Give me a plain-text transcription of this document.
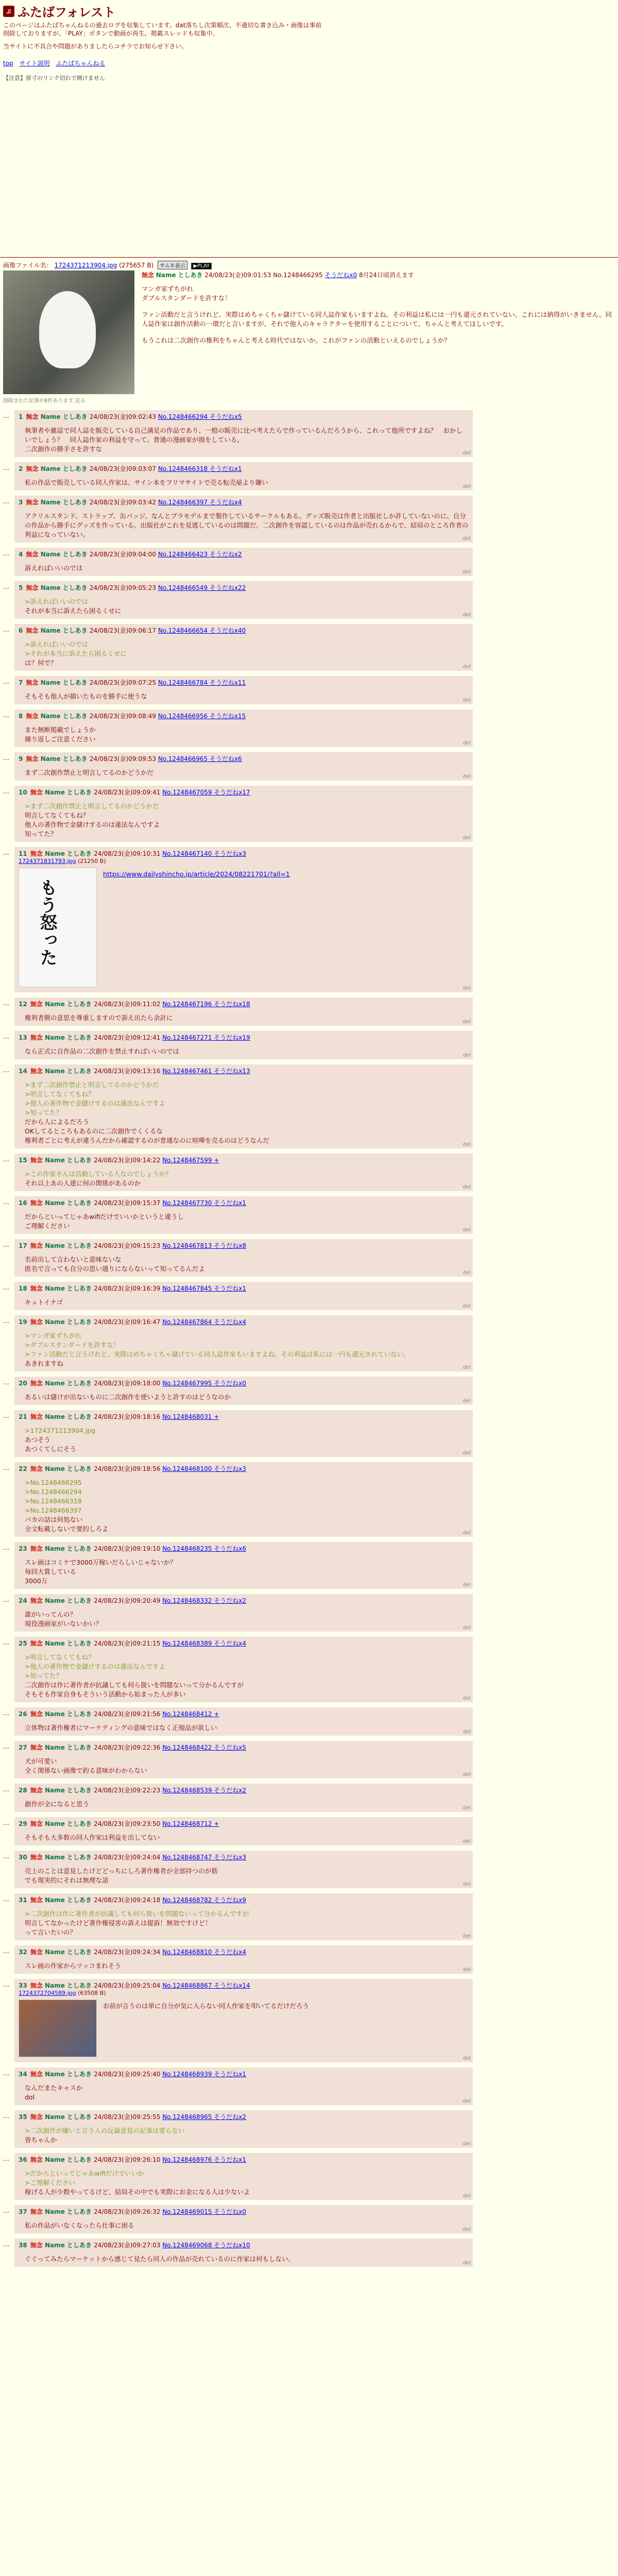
ぷ ふたばフォレスト
このページはふたばちゃんねるの過去ログを収集しています。dat落ちし次第順次、不適切な書き込み・画像は事前削除しておりますが、「PLAY」ボタンで動画が再生。掲載スレッドも収集中。
当サイトに不具合や問題がありましたらコチラでお知らせ下さい。
top サイト説明 ふたばちゃんねる
【注意】原寸のリンク切れで開けません
画像ファイル名： 1724371213904.jpg (275657 B) サムネ表示 ▶PLAY
無念 Name としあき 24/08/23(金)09:01:53 No.1248466295 そうだねx0 8月24日頃消えます

マンガ家ずちがれ
ダブルスタンダードを許すな！

ファン活動だと言うけれど、実際はめちゃくちゃ儲けている同人誌作家もいますよね。その利益は私には一円も還元されていない。これには納得がいきません。同人誌作家は創作活動の一環だと言いますが、それで他人のキャラクターを使用することについて、ちゃんと考えてほしいです。

もうこれは二次創作の権利をちゃんと考える時代ではないか。これがファンの活動といえるのでしょうか？

削除された記事が8件あります.見る
…	1 無念 Name としあき 24/08/23(金)09:02:43 No.1248466294 そうだねx5
執筆者や雑誌で同人誌を販売している自己満足の作品であり、一般の販売に比べ考えたらで作っているんだろうから、これって他所ですよね？　おかしいでしょう？　同人誌作家の利益を守って、普通の漫画家が損をしている。
二次創作の勝手さを許すな
del
…	2 無念 Name としあき 24/08/23(金)09:03:07 No.1248466318 そうだねx1
私の作品で販売している同人作家は、サイン本をフリマサイトで売る転売屋より嫌い
del
…	3 無念 Name としあき 24/08/23(金)09:03:42 No.1248466397 そうだねx4
アクリルスタンド、ストラップ、缶バッジ、なんとプラモデルまで製作しているサークルもある。グッズ販売は作者と出版社しか許していないのに、自分の作品から勝手にグッズを作っている。出版社がこれを見逃しているのは問題だ。二次創作を容認しているのは作品が売れるからで、結局のところ作者の利益になっていない。
del
…	4 無念 Name としあき 24/08/23(金)09:04:00 No.1248466423 そうだねx2
訴えればいいのでは
del
…	5 無念 Name としあき 24/08/23(金)09:05:23 No.1248466549 そうだねx22
>訴えればいいのでは
それが本当に訴えたら困るくせに
del
…	6 無念 Name としあき 24/08/23(金)09:06:17 No.1248466654 そうだねx40
>訴えればいいのでは
>それが本当に訴えたら困るくせに
は？何で？
del
…	7 無念 Name としあき 24/08/23(金)09:07:25 No.1248466784 そうだねx11
そもそも他人が描いたものを勝手に使うな
del
…	8 無念 Name としあき 24/08/23(金)09:08:49 No.1248466956 そうだねx15
また無断掲載でしょうか
繰り返しご注意ください
del
…	9 無念 Name としあき 24/08/23(金)09:09:53 No.1248466965 そうだねx6
まず二次創作禁止と明言してるのかどうかだ
del
…	10 無念 Name としあき 24/08/23(金)09:09:41 No.1248467059 そうだねx17
>まず二次創作禁止と明言してるのかどうかだ
明言してなくてもね？
他人の著作物で金儲けするのは違法なんですよ
知ってた？
del
…	11 無念 Name としあき 24/08/23(金)09:10:31 No.1248467140 そうだねx3
1724371831793.jpg (21250 B)
もう怒った
https://www.dailyshincho.jp/article/2024/08221701/?all=1

del
…	12 無念 Name としあき 24/08/23(金)09:11:02 No.1248467196 そうだねx18
権利者側の意思を尊重しますので訴え出たら余計に
del
…	13 無念 Name としあき 24/08/23(金)09:12:41 No.1248467271 そうだねx19
なら正式に自作品の二次創作を禁止すればいいのでは
del
…	14 無念 Name としあき 24/08/23(金)09:13:16 No.1248467461 そうだねx13
>まず二次創作禁止と明言してるのかどうかだ
>明言してなくてもね？
>他人の著作物で金儲けするのは違法なんですよ
>知ってた？
だから人によるだろう
OKしてるところもあるのに二次創作でくくるな
権利者ごとに考えが違うんだから確認するのが普通なのに喧嘩を売るのはどうなんだ
del
…	15 無念 Name としあき 24/08/23(金)09:14:22 No.1248467599 +
>この作家さんは活動している人なのでしょうか？
それ以上あの人達に何の関係があるのか
del
…	16 無念 Name としあき 24/08/23(金)09:15:37 No.1248467730 そうだねx1
だからといってじゃあwifiだけでいいかというと違うし
ご理解ください
del
…	17 無念 Name としあき 24/08/23(金)09:15:23 No.1248467813 そうだねx8
名前出して言わないと意味ないな
匿名で言っても自分の思い通りにならないって知ってるんだよ
del
…	18 無念 Name としあき 24/08/23(金)09:16:39 No.1248467845 そうだねx1
キュトイナゴ
del
…	19 無念 Name としあき 24/08/23(金)09:16:47 No.1248467864 そうだねx4
>マンガ家ずちがれ
>ダブルスタンダードを許すな！
>ファン活動だと言うけれど、実際はめちゃくちゃ儲けている同人誌作家もいますよね。その利益は私には一円も還元されていない。
あきれますね
del
…	20 無念 Name としあき 24/08/23(金)09:18:00 No.1248467995 そうだねx0
あるいは儲けが出ないものに二次創作を使いようと許すのはどうなのか
del
…	21 無念 Name としあき 24/08/23(金)09:18:16 No.1248468031 +
>1724371213904.jpg
あつそう
あつくてしにそう
del
…	22 無念 Name としあき 24/08/23(金)09:18:56 No.1248468100 そうだねx3
>No.1248466295
>No.1248466294
>No.1248466318
>No.1248466397
バカの話は何処ない
全文転載しないで要約しろよ
del
…	23 無念 Name としあき 24/08/23(金)09:19:10 No.1248468235 そうだねx6
スレ画はコミケで3000万稼いだらしいじゃないか？
毎回大賞している
3000万
del
…	24 無念 Name としあき 24/08/23(金)09:20:49 No.1248468332 そうだねx2
誰がいってんの？
現役漫画家がいないかい？
del
…	25 無念 Name としあき 24/08/23(金)09:21:15 No.1248468389 そうだねx4
>明言してなくてもね？
>他人の著作物で金儲けするのは違法なんですよ
>知ってた？
二次創作は作に著作者が抗議しても何ら扱いを問題ないって分かるんですが
そもそも作家自身もそういう活動から始まった人が多い
del
…	26 無念 Name としあき 24/08/23(金)09:21:56 No.1248468412 +
立体物は著作権者にマーケティングの意味ではなく正規品が欲しい
del
…	27 無念 Name としあき 24/08/23(金)09:22:36 No.1248468422 そうだねx5
犬が可愛い
全く関係ない画像で釣る意味がわからない
del
…	28 無念 Name としあき 24/08/23(金)09:22:23 No.1248468539 そうだねx2
創作が全になると思う
del
…	29 無念 Name としあき 24/08/23(金)09:23:50 No.1248468712 +
そもそも大多数の同人作家は利益を出してない
del
…	30 無念 Name としあき 24/08/23(金)09:24:04 No.1248468747 そうだねx3
売上のことは意見したけどどっちにしろ著作権者が全部持つのが筋
でも現実的にそれは無理な話
del
…	31 無念 Name としあき 24/08/23(金)09:24:18 No.1248468782 そうだねx9
>二次創作は作に著作者が抗議しても何ら扱いを問題ないって分かるんですが
明言してなかったけど著作権侵害の訴えは提訴！無効ですけど！
って言いたいの？
del
…	32 無念 Name としあき 24/08/23(金)09:24:34 No.1248468810 そうだねx4
スレ画の作家からツッコまれそう
del
…	33 無念 Name としあき 24/08/23(金)09:25:04 No.1248468867 そうだねx14
1724372704589.jpg (63508 B)
お前が言うのは単に自分が気に入らない同人作家を叩いてるだけだろう
del
…	34 無念 Name としあき 24/08/23(金)09:25:40 No.1248468939 そうだねx1
なんだまたキャスか
dol
del
…	35 無念 Name としあき 24/08/23(金)09:25:55 No.1248468965 そうだねx2
>二次創作が嫌いと言う人の反論意見の記事は要らない
皆ちゃんか
del
…	36 無念 Name としあき 24/08/23(金)09:26:10 No.1248468976 そうだねx1
>だからといってじゃあwifiだけでいいか
>ご理解ください
稼げる人が少数やってるけど、結局その中でも実際にお金になる人は少ないよ
del
…	37 無念 Name としあき 24/08/23(金)09:26:32 No.1248469015 そうだねx0
私の作品がいなくなったら仕事に困る
del
…	38 無念 Name としあき 24/08/23(金)09:27:03 No.1248469068 そうだねx10
ぐぐってみたらマーケットから感じて見たら同人の作品が売れているのに作家は何もしない。
del
